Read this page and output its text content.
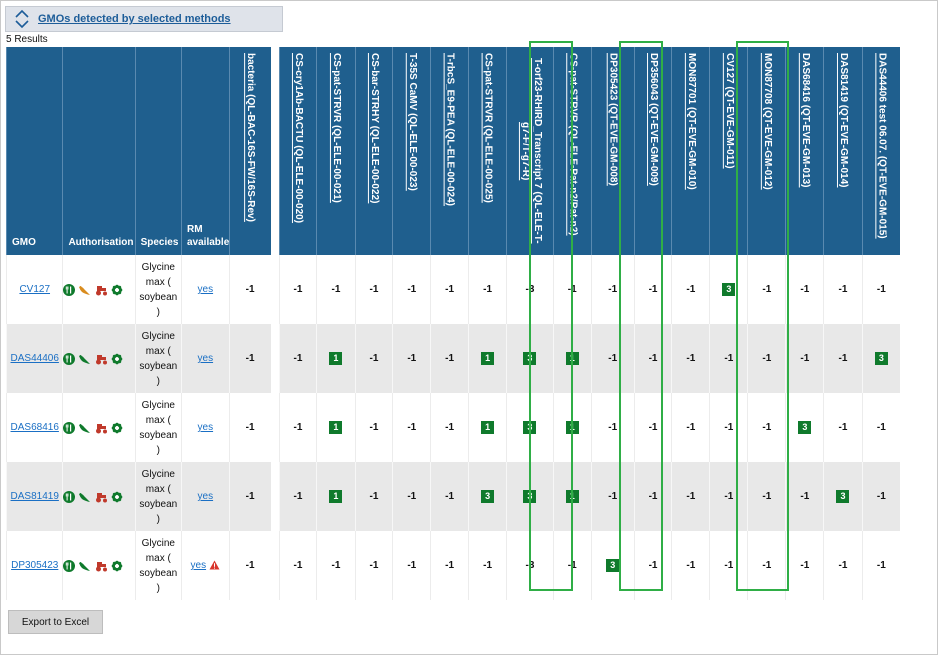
GMOs detected by selected methods
5 Results
GMO	Authorisation	Species	RM available	bacteria (QL-BAC-16S-FW/16S-Rev)		CS-cry1Ab-BACTU (QL-ELE-00-020)	CS-pat-STRVR (QL-ELE-00-021)	CS-bar-STRHY (QL-ELE-00-022)	T-35S CaMV (QL-ELE-00-023)	T-rbcS_E9-PEA (QL-ELE-00-024)	CS-pat-STRVR (QL-ELE-00-025)	T-orf23-RHIRD_Transcript 7 (QL-ELE-T-g7-F/T-g7-R)	CS-pat-STRVR (QL-ELE-Pat-n2/Pat-n2)	DP305423 (QT-EVE-GM-008)	DP356043 (QT-EVE-GM-009)	MON87701 (QT-EVE-GM-010)	CV127 (QT-EVE-GM-011)	MON87708 (QT-EVE-GM-012)	DAS68416 (QT-EVE-GM-013)	DAS81419 (QT-EVE-GM-014)	DAS44406 test 06.07. (QT-EVE-GM-015)

CV127		Glycine
max (
soybean
)	yes	-1		-1	-1	-1	-1	-1	-1	-3	-1	-1	-1	-1	3	-1	-1	-1	-1
DAS44406		Glycine
max (
soybean
)	yes	-1		-1	1	-1	-1	-1	1	3	1	-1	-1	-1	-1	-1	-1	-1	3
DAS68416		Glycine
max (
soybean
)	yes	-1		-1	1	-1	-1	-1	1	3	1	-1	-1	-1	-1	-1	3	-1	-1
DAS81419		Glycine
max (
soybean
)	yes	-1		-1	1	-1	-1	-1	3	3	1	-1	-1	-1	-1	-1	-1	3	-1
DP305423		Glycine
max (
soybean
)	yes	-1		-1	-1	-1	-1	-1	-1	-3	-1	3	-1	-1	-1	-1	-1	-1	-1
Export to Excel
